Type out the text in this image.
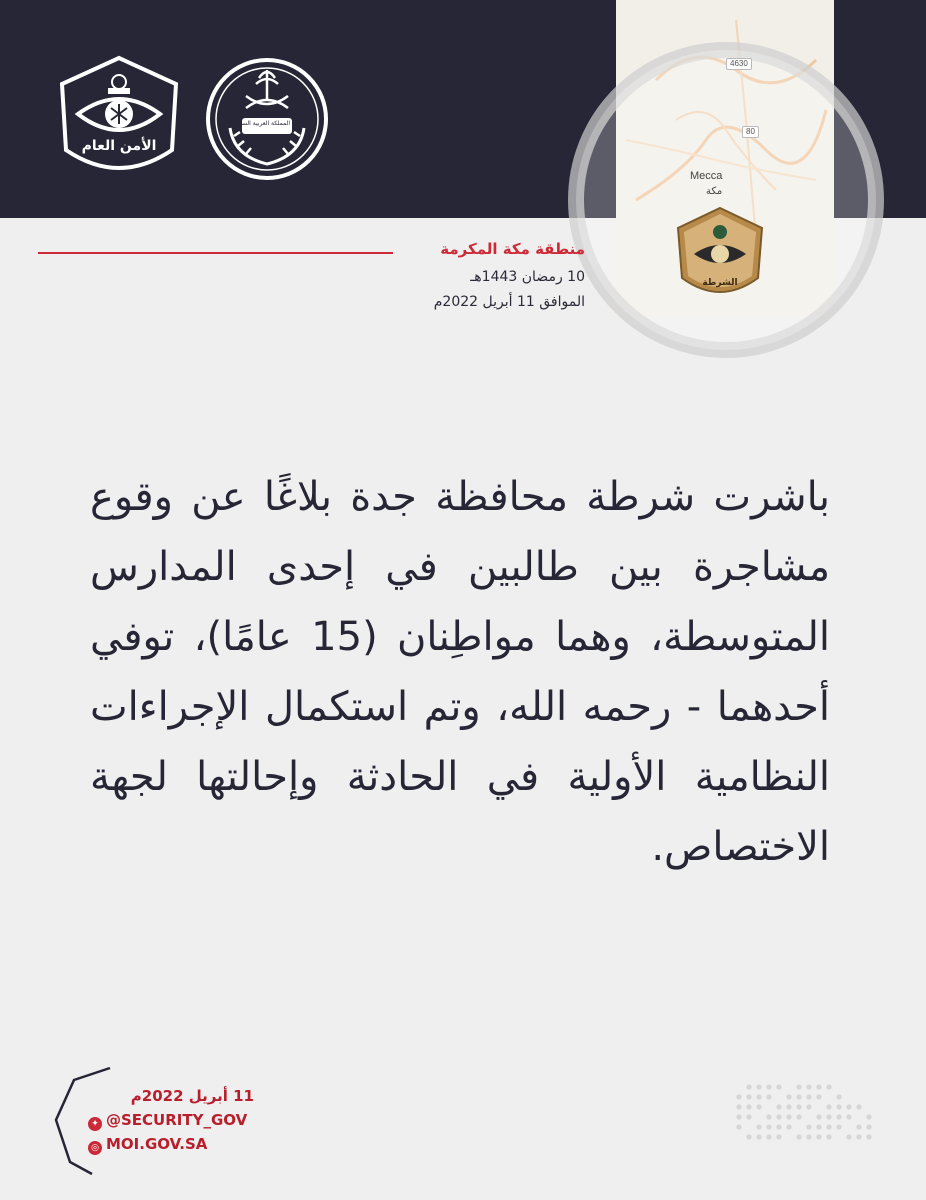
الأمن العام
المملكة العربية السعودية
الشرطة
4630
80
Mecca
مكة
منطقة مكة المكرمة
10 رمضان 1443هـ
الموافق 11 أبريل 2022م
باشرت شرطة محافظة جدة بلاغًا عن وقوع مشاجرة بين طالبين في إحدى المدارس المتوسطة، وهما مواطِنان (15 عامًا)، توفي أحدهما - رحمه الله، وتم استكمال الإجراءات النظامية الأولية في الحادثة وإحالتها لجهة الاختصاص.
11 أبريل 2022م
✦ @SECURITY_GOV
◎ MOI.GOV.SA
